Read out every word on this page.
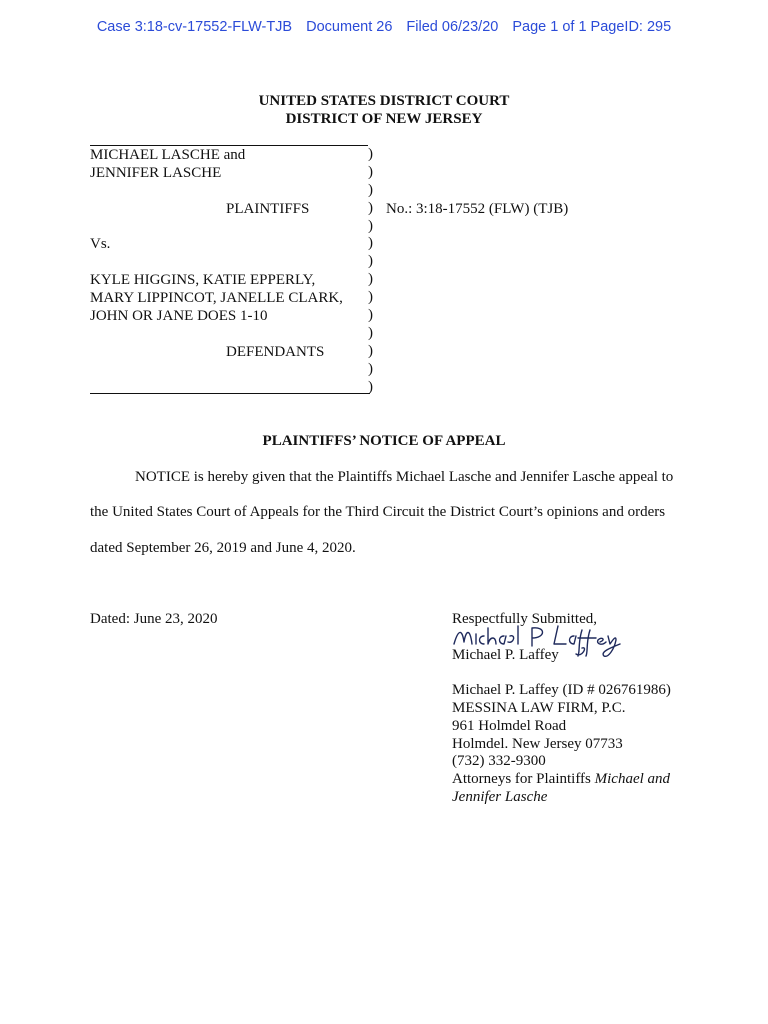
Case 3:18-cv-17552-FLW-TJB Document 26 Filed 06/23/20 Page 1 of 1 PageID: 295
UNITED STATES DISTRICT COURT
DISTRICT OF NEW JERSEY
MICHAEL LASCHE and
JENNIFER LASCHE
PLAINTIFFS
Vs.
KYLE HIGGINS, KATIE EPPERLY,
MARY LIPPINCOT, JANELLE CLARK,
JOHN OR JANE DOES 1-10
DEFENDANTS
)
)
)
)
)
)
)
)
)
)
)
)
)
)
No.: 3:18-17552 (FLW) (TJB)
PLAINTIFFS’ NOTICE OF APPEAL
NOTICE is hereby given that the Plaintiffs Michael Lasche and Jennifer Lasche appeal to
the United States Court of Appeals for the Third Circuit the District Court’s opinions and orders
dated September 26, 2019 and June 4, 2020.
Dated: June 23, 2020	Respectfully Submitted,
Michael P. Laffey
Michael P. Laffey (ID # 026761986)
MESSINA LAW FIRM, P.C.
961 Holmdel Road
Holmdel. New Jersey 07733
(732) 332-9300
Attorneys for Plaintiffs Michael and
Jennifer Lasche
